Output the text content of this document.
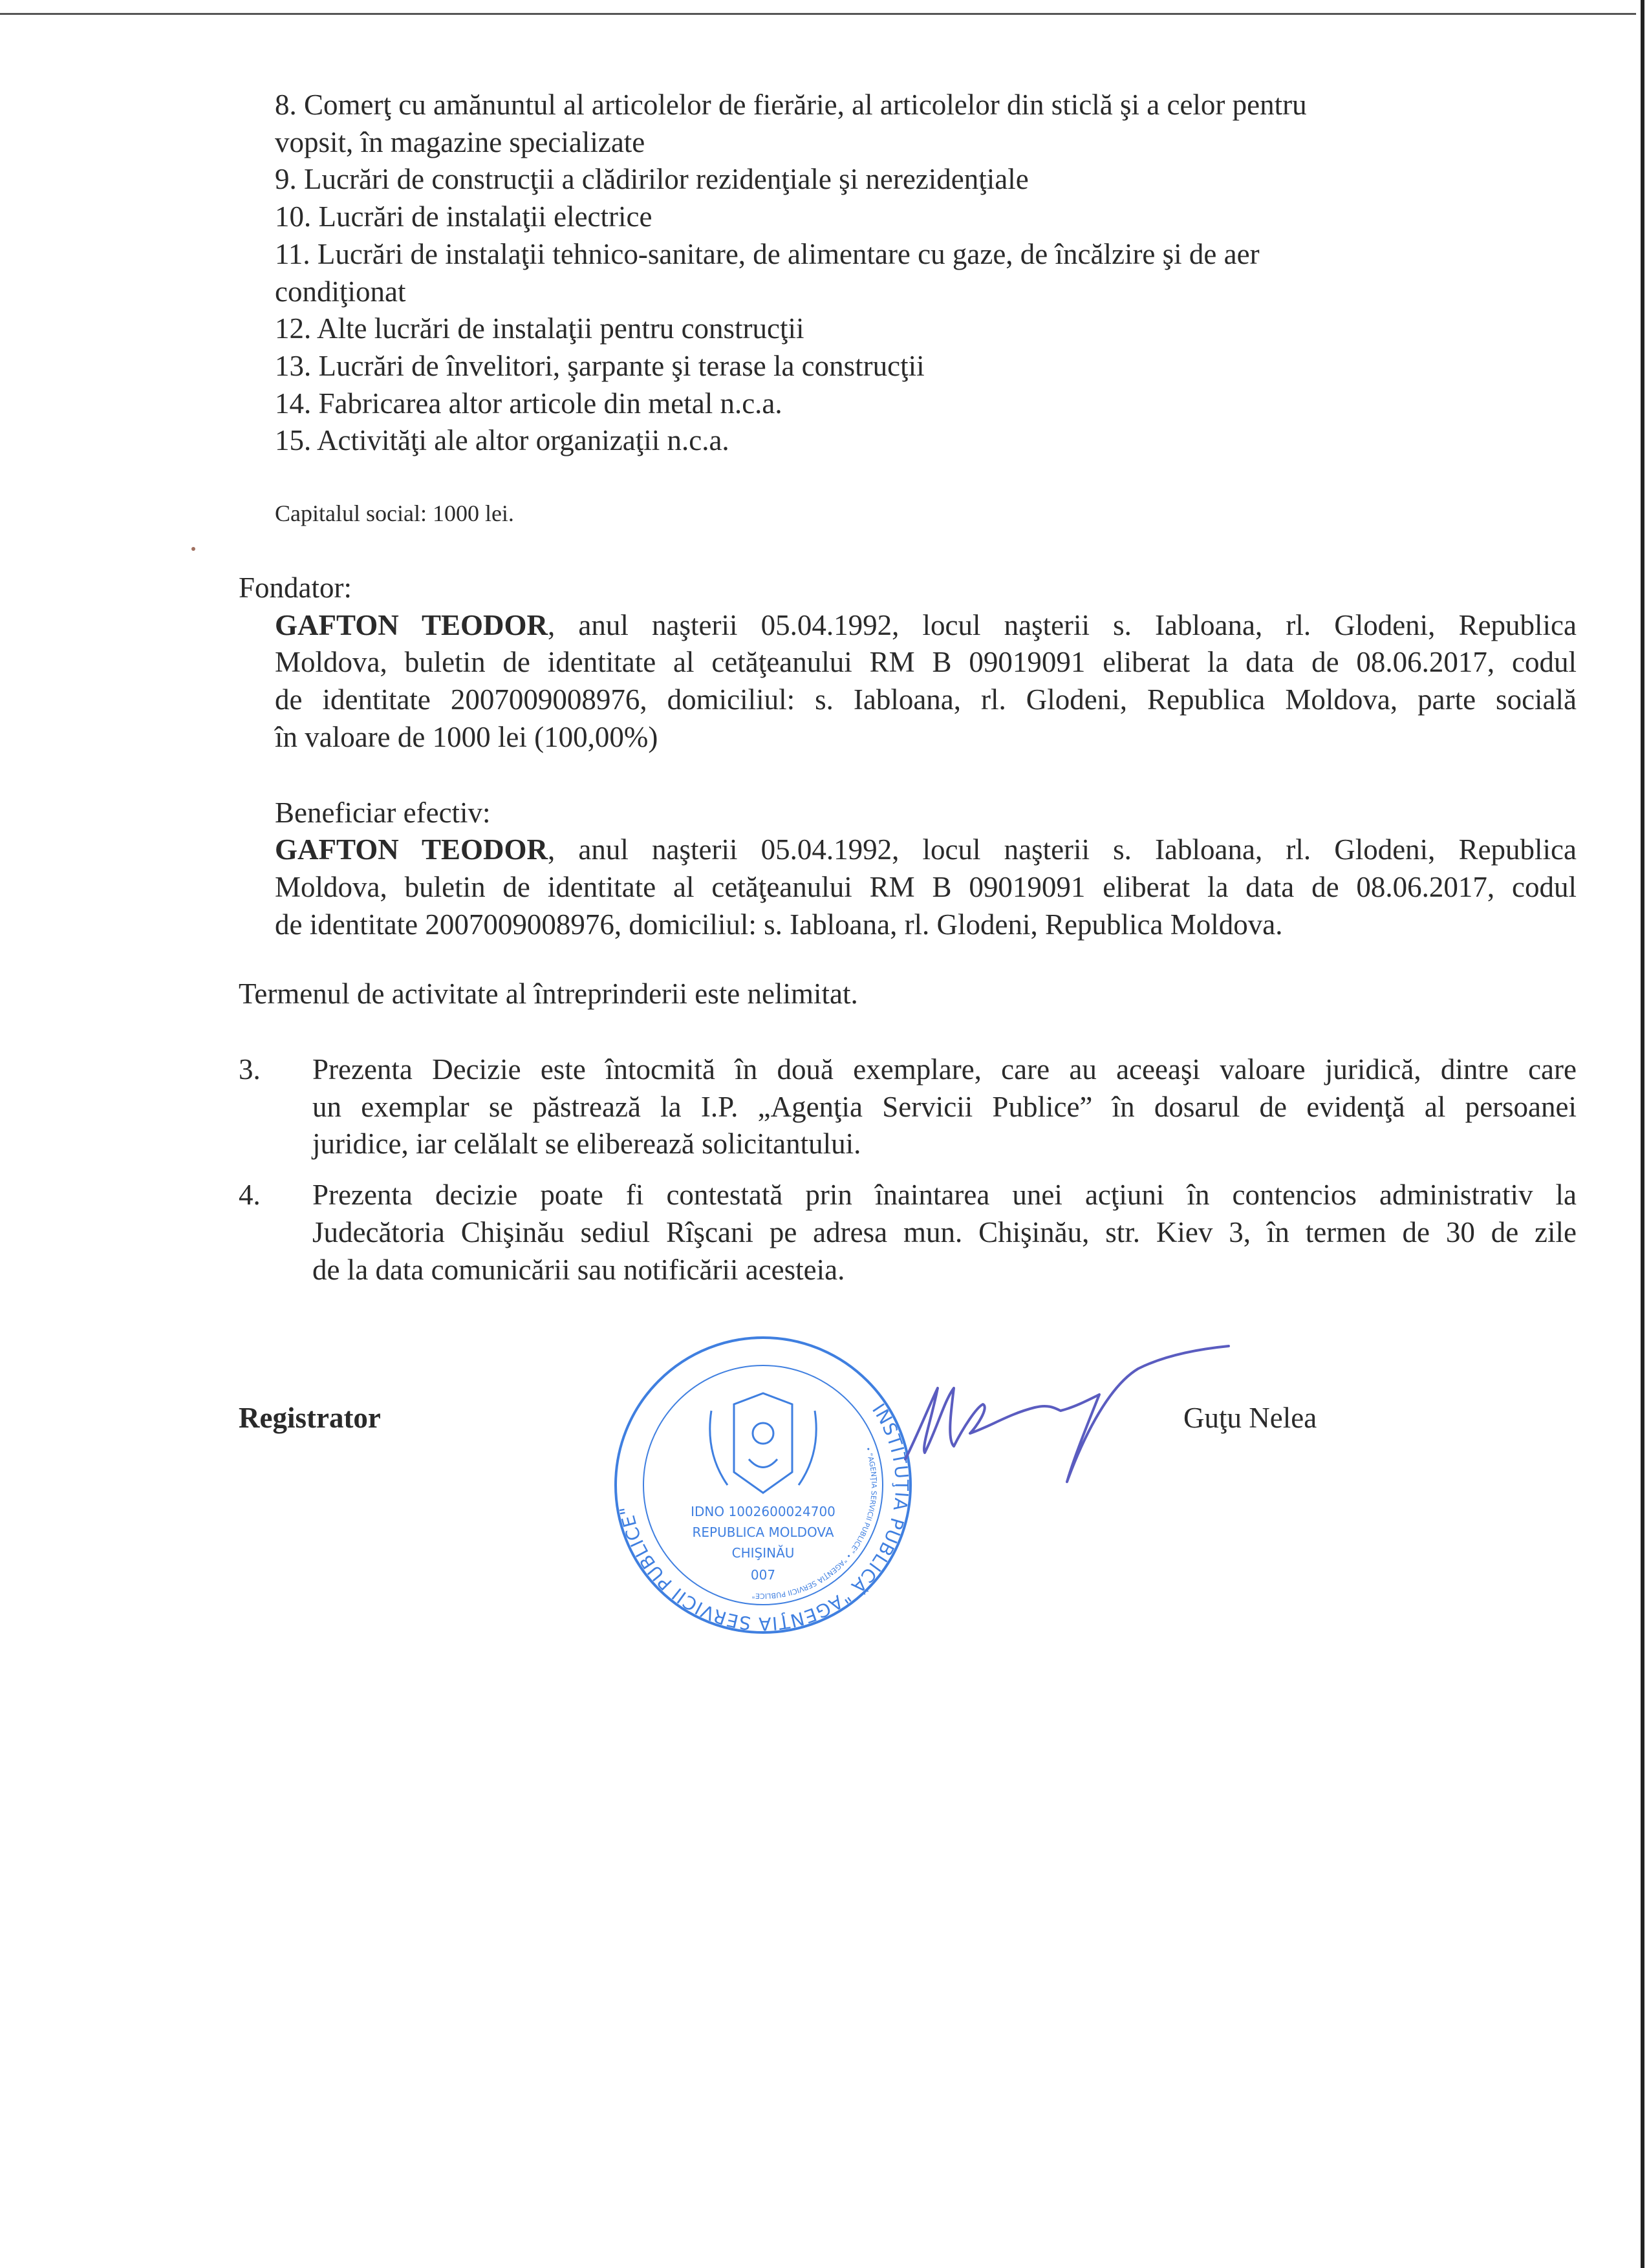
8. Comerţ cu amănuntul al articolelor de fierărie, al articolelor din sticlă şi a celor pentru
vopsit, în magazine specializate
9. Lucrări de construcţii a clădirilor rezidenţiale şi nerezidenţiale
10. Lucrări de instalaţii electrice
11. Lucrări de instalaţii tehnico-sanitare, de alimentare cu gaze, de încălzire şi de aer
condiţionat
12. Alte lucrări de instalaţii pentru construcţii
13. Lucrări de învelitori, şarpante şi terase la construcţii
14. Fabricarea altor articole din metal n.c.a.
15. Activităţi ale altor organizaţii n.c.a.
Capitalul social: 1000 lei.
Fondator:
GAFTON TEODOR, anul naşterii 05.04.1992, locul naşterii s. Iabloana, rl. Glodeni, Republica
Moldova, buletin de identitate al cetăţeanului RM B 09019091 eliberat la data de 08.06.2017, codul
de identitate 2007009008976, domiciliul: s. Iabloana, rl. Glodeni, Republica Moldova, parte socială
în valoare de 1000 lei (100,00%)
Beneficiar efectiv:
GAFTON TEODOR, anul naşterii 05.04.1992, locul naşterii s. Iabloana, rl. Glodeni, Republica
Moldova, buletin de identitate al cetăţeanului RM B 09019091 eliberat la data de 08.06.2017, codul
de identitate 2007009008976, domiciliul: s. Iabloana, rl. Glodeni, Republica Moldova.
Termenul de activitate al întreprinderii este nelimitat.
3.	Prezenta Decizie este întocmită în două exemplare, care au aceeaşi valoare juridică, dintre care
un exemplar se păstrează la I.P. „Agenţia Servicii Publice” în dosarul de evidenţă al persoanei
juridice, iar celălalt se eliberează solicitantului.
4.	Prezenta decizie poate fi contestată prin înaintarea unei acţiuni în contencios administrativ la
Judecătoria Chişinău sediul Rîşcani pe adresa mun. Chişinău, str. Kiev 3, în termen de 30 de zile
de la data comunicării sau notificării acesteia.
Registrator	Guţu Nelea
INSTITUŢIA PUBLICĂ "AGENŢIA SERVICII PUBLICE"
• "AGENŢIA SERVICII PUBLICE" • "AGENŢIA SERVICII PUBLICE"
IDNO 1002600024700
REPUBLICA MOLDOVA
CHIŞINĂU
007
